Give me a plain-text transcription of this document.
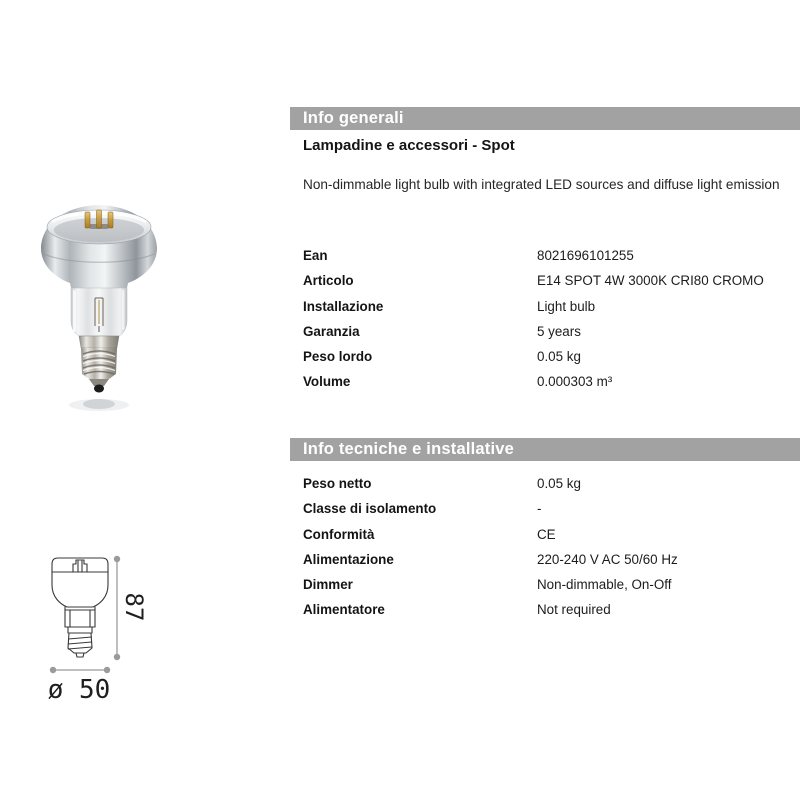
87
ø 50
Info generali
Lampadine e accessori - Spot
Non-dimmable light bulb with integrated LED sources and diffuse light emission
Ean	8021696101255
Articolo	E14 SPOT 4W 3000K CRI80 CROMO
Installazione	Light bulb
Garanzia	5 years
Peso lordo	0.05 kg
Volume	0.000303 m³
Info tecniche e installative
Peso netto	0.05 kg
Classe di isolamento	-
Conformità	CE
Alimentazione	220-240 V AC 50/60 Hz
Dimmer	Non-dimmable, On-Off
Alimentatore	Not required
